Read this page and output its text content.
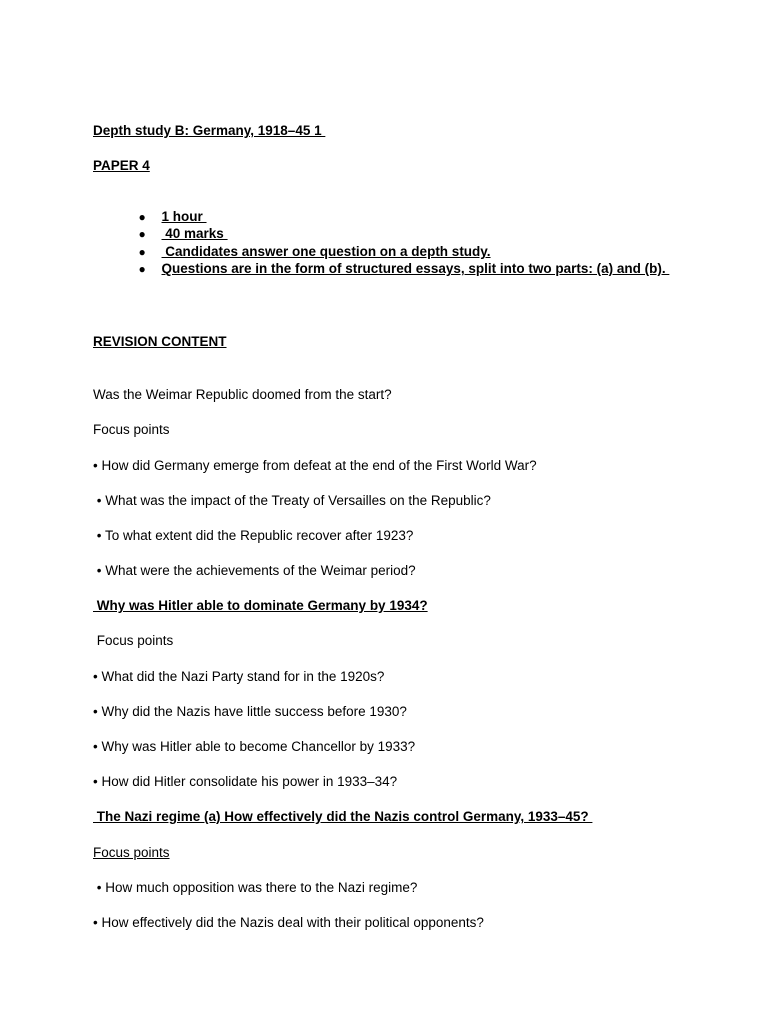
Depth study B: Germany, 1918–45 1
PAPER 4

● 1 hour

● 40 marks

● Candidates answer one question on a depth study.

● Questions are in the form of structured essays, split into two parts: (a) and (b).

REVISION CONTENT
Was the Weimar Republic doomed from the start?
Focus points
• How did Germany emerge from defeat at the end of the First World War?
• What was the impact of the Treaty of Versailles on the Republic?
• To what extent did the Republic recover after 1923?
• What were the achievements of the Weimar period?
Why was Hitler able to dominate Germany by 1934?
Focus points
• What did the Nazi Party stand for in the 1920s?
• Why did the Nazis have little success before 1930?
• Why was Hitler able to become Chancellor by 1933?
• How did Hitler consolidate his power in 1933–34?
The Nazi regime (a) How effectively did the Nazis control Germany, 1933–45?
Focus points
• How much opposition was there to the Nazi regime?
• How effectively did the Nazis deal with their political opponents?
